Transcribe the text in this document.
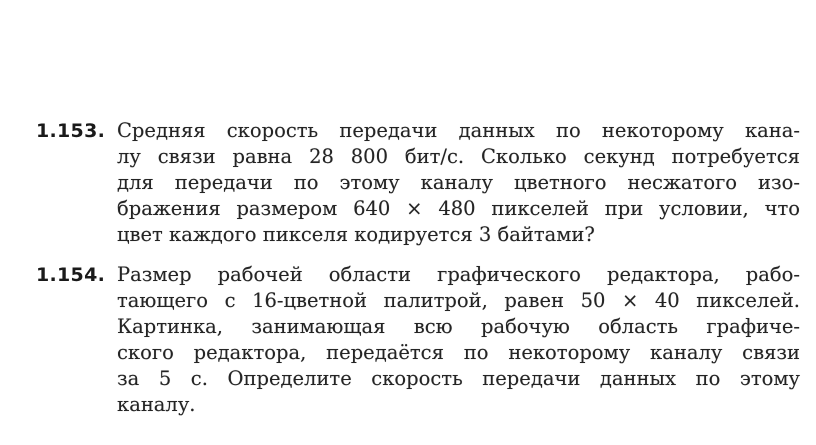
1.153. Средняя скорость передачи данных по некоторому кана-
лу связи равна 28 800 бит/с. Сколько секунд потребуется
для передачи по этому каналу цветного несжатого изо-
бражения размером 640 × 480 пикселей при условии, что
цвет каждого пикселя кодируется 3 байтами?
1.154. Размер рабочей области графического редактора, рабо-
тающего с 16-цветной палитрой, равен 50 × 40 пикселей.
Картинка, занимающая всю рабочую область графиче-
ского редактора, передаётся по некоторому каналу связи
за 5 с. Определите скорость передачи данных по этому
каналу.
